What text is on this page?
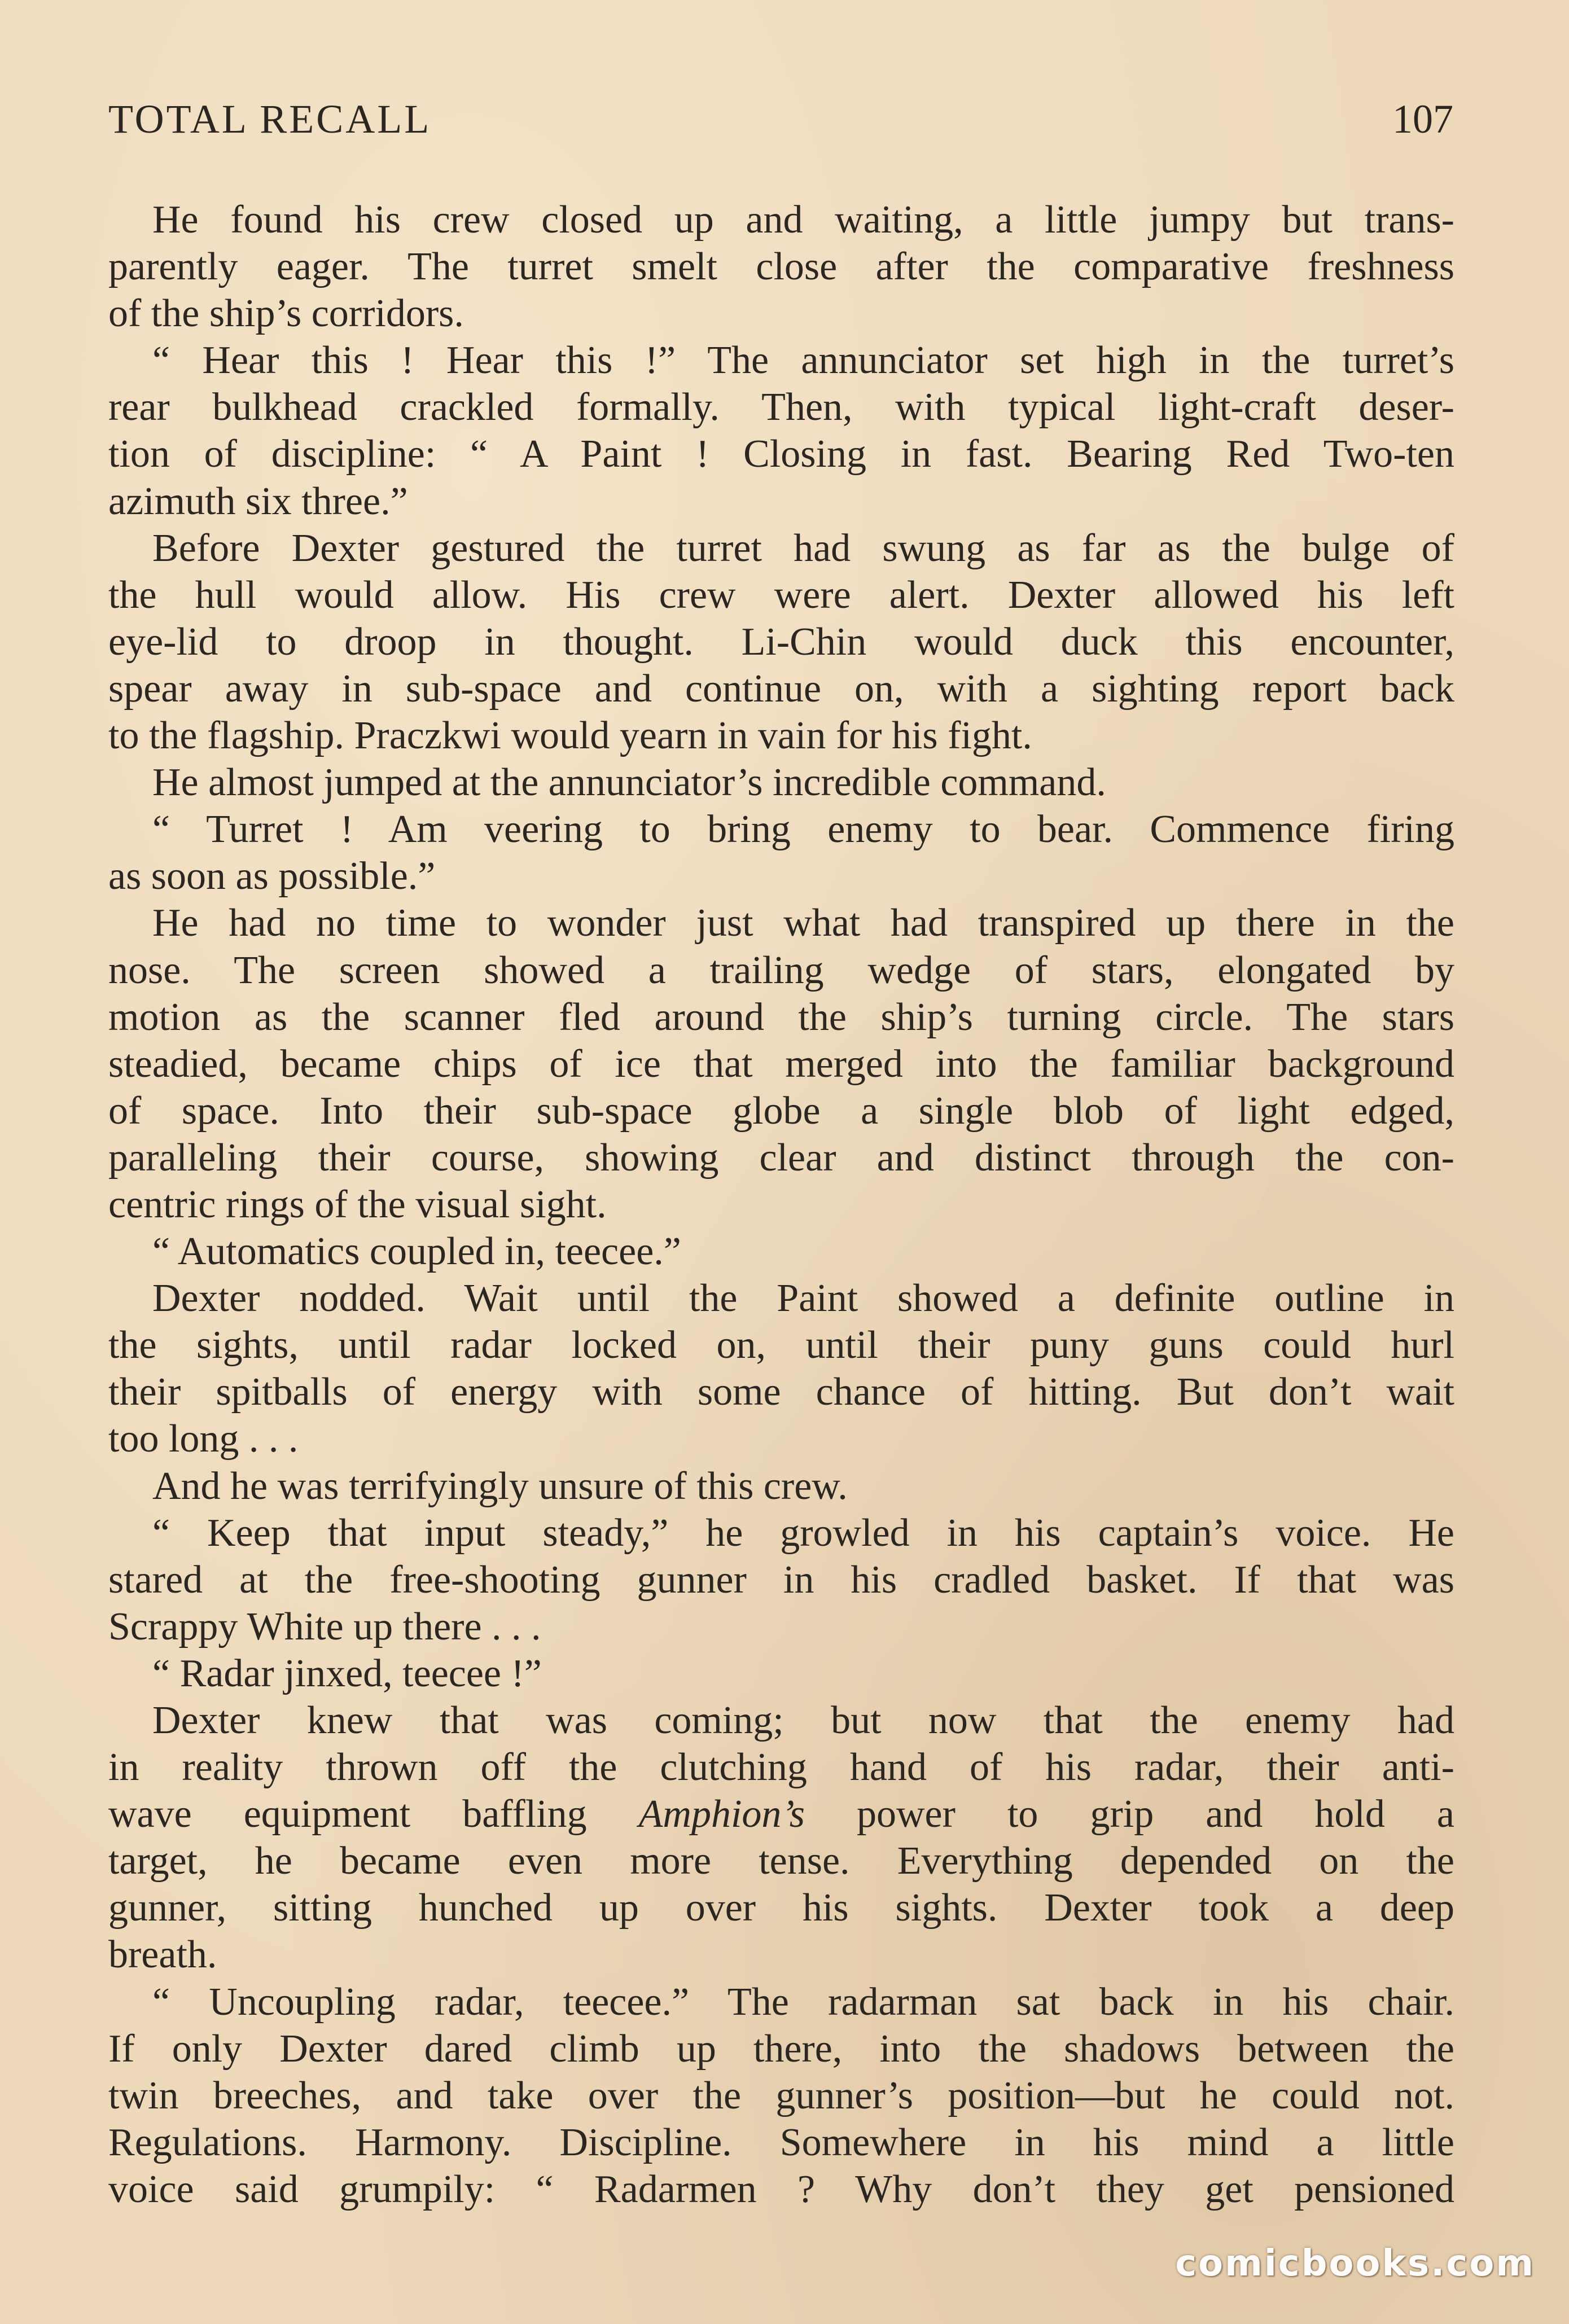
TOTAL RECALL	107
He found his crew closed up and waiting, a little jumpy but trans-
parently eager. The turret smelt close after the comparative freshness
of the ship’s corridors.
“ Hear this ! Hear this !” The annunciator set high in the turret’s
rear bulkhead crackled formally. Then, with typical light-craft deser-
tion of discipline: “ A Paint ! Closing in fast. Bearing Red Two-ten
azimuth six three.”
Before Dexter gestured the turret had swung as far as the bulge of
the hull would allow. His crew were alert. Dexter allowed his left
eye-lid to droop in thought. Li-Chin would duck this encounter,
spear away in sub-space and continue on, with a sighting report back
to the flagship. Praczkwi would yearn in vain for his fight.
He almost jumped at the annunciator’s incredible command.
“ Turret ! Am veering to bring enemy to bear. Commence firing
as soon as possible.”
He had no time to wonder just what had transpired up there in the
nose. The screen showed a trailing wedge of stars, elongated by
motion as the scanner fled around the ship’s turning circle. The stars
steadied, became chips of ice that merged into the familiar background
of space. Into their sub-space globe a single blob of light edged,
paralleling their course, showing clear and distinct through the con-
centric rings of the visual sight.
“ Automatics coupled in, teecee.”
Dexter nodded. Wait until the Paint showed a definite outline in
the sights, until radar locked on, until their puny guns could hurl
their spitballs of energy with some chance of hitting. But don’t wait
too long . . .
And he was terrifyingly unsure of this crew.
“ Keep that input steady,” he growled in his captain’s voice. He
stared at the free-shooting gunner in his cradled basket. If that was
Scrappy White up there . . .
“ Radar jinxed, teecee !”
Dexter knew that was coming; but now that the enemy had
in reality thrown off the clutching hand of his radar, their anti-
wave equipment baffling Amphion’s power to grip and hold a
target, he became even more tense. Everything depended on the
gunner, sitting hunched up over his sights. Dexter took a deep
breath.
“ Uncoupling radar, teecee.” The radarman sat back in his chair.
If only Dexter dared climb up there, into the shadows between the
twin breeches, and take over the gunner’s position—but he could not.
Regulations. Harmony. Discipline. Somewhere in his mind a little
voice said grumpily: “ Radarmen ? Why don’t they get pensioned
comicbooks.com
